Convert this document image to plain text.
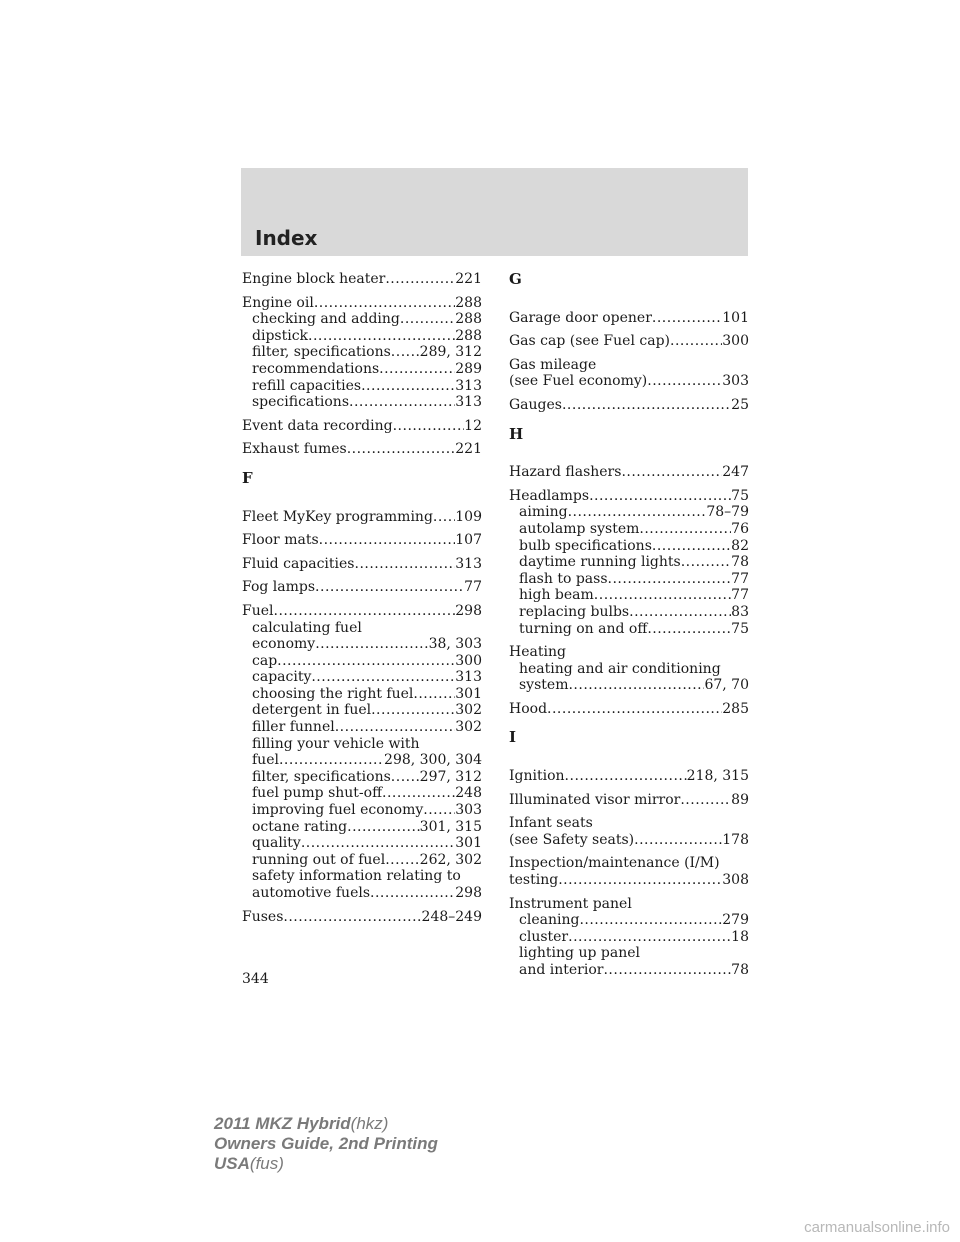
Index
Engine block heater .....	221
Engine oil .....	288
checking and adding .....	288
dipstick .....	288
filter, specifications ..... 289, 312
recommendations .....	289
refill capacities .....	313
specifications .....	313
Event data recording .....	12
Exhaust fumes .....	221
F
Fleet MyKey programming ..... 109
Floor mats .....	107
Fluid capacities .....	313
Fog lamps .....	77
Fuel .....	298
calculating fuel
economy .....	38, 303
cap .....	300
capacity .....	313
choosing the right fuel .....	301
detergent in fuel .....	302
filler funnel .....	302
filling your vehicle with
fuel .....	298, 300, 304
filter, specifications ..... 297, 312
fuel pump shut-off .....	248
improving fuel economy ..... 303
octane rating .....	301, 315
quality .....	301
running out of fuel ..... 262, 302
safety information relating to
automotive fuels .....	298
Fuses .....	248–249
G
Garage door opener .....	101
Gas cap (see Fuel cap) .....	300
Gas mileage
(see Fuel economy) .....	303
Gauges .....	25
H
Hazard flashers .....	247
Headlamps .....	75
aiming .....	78–79
autolamp system .....	76
bulb specifications .....	82
daytime running lights .....	78
flash to pass .....	77
high beam .....	77
replacing bulbs .....	83
turning on and off .....	75
Heating
heating and air conditioning
system .....	67, 70
Hood .....	285
I
Ignition .....	218, 315
Illuminated visor mirror .....	89
Infant seats
(see Safety seats) .....	178
Inspection/maintenance (I/M)
testing .....	308
Instrument panel
cleaning .....	279
cluster .....	18
lighting up panel
and interior .....	78
344
2011 MKZ Hybrid(hkz)
Owners Guide, 2nd Printing
USA(fus)
carmanualsonline.info
